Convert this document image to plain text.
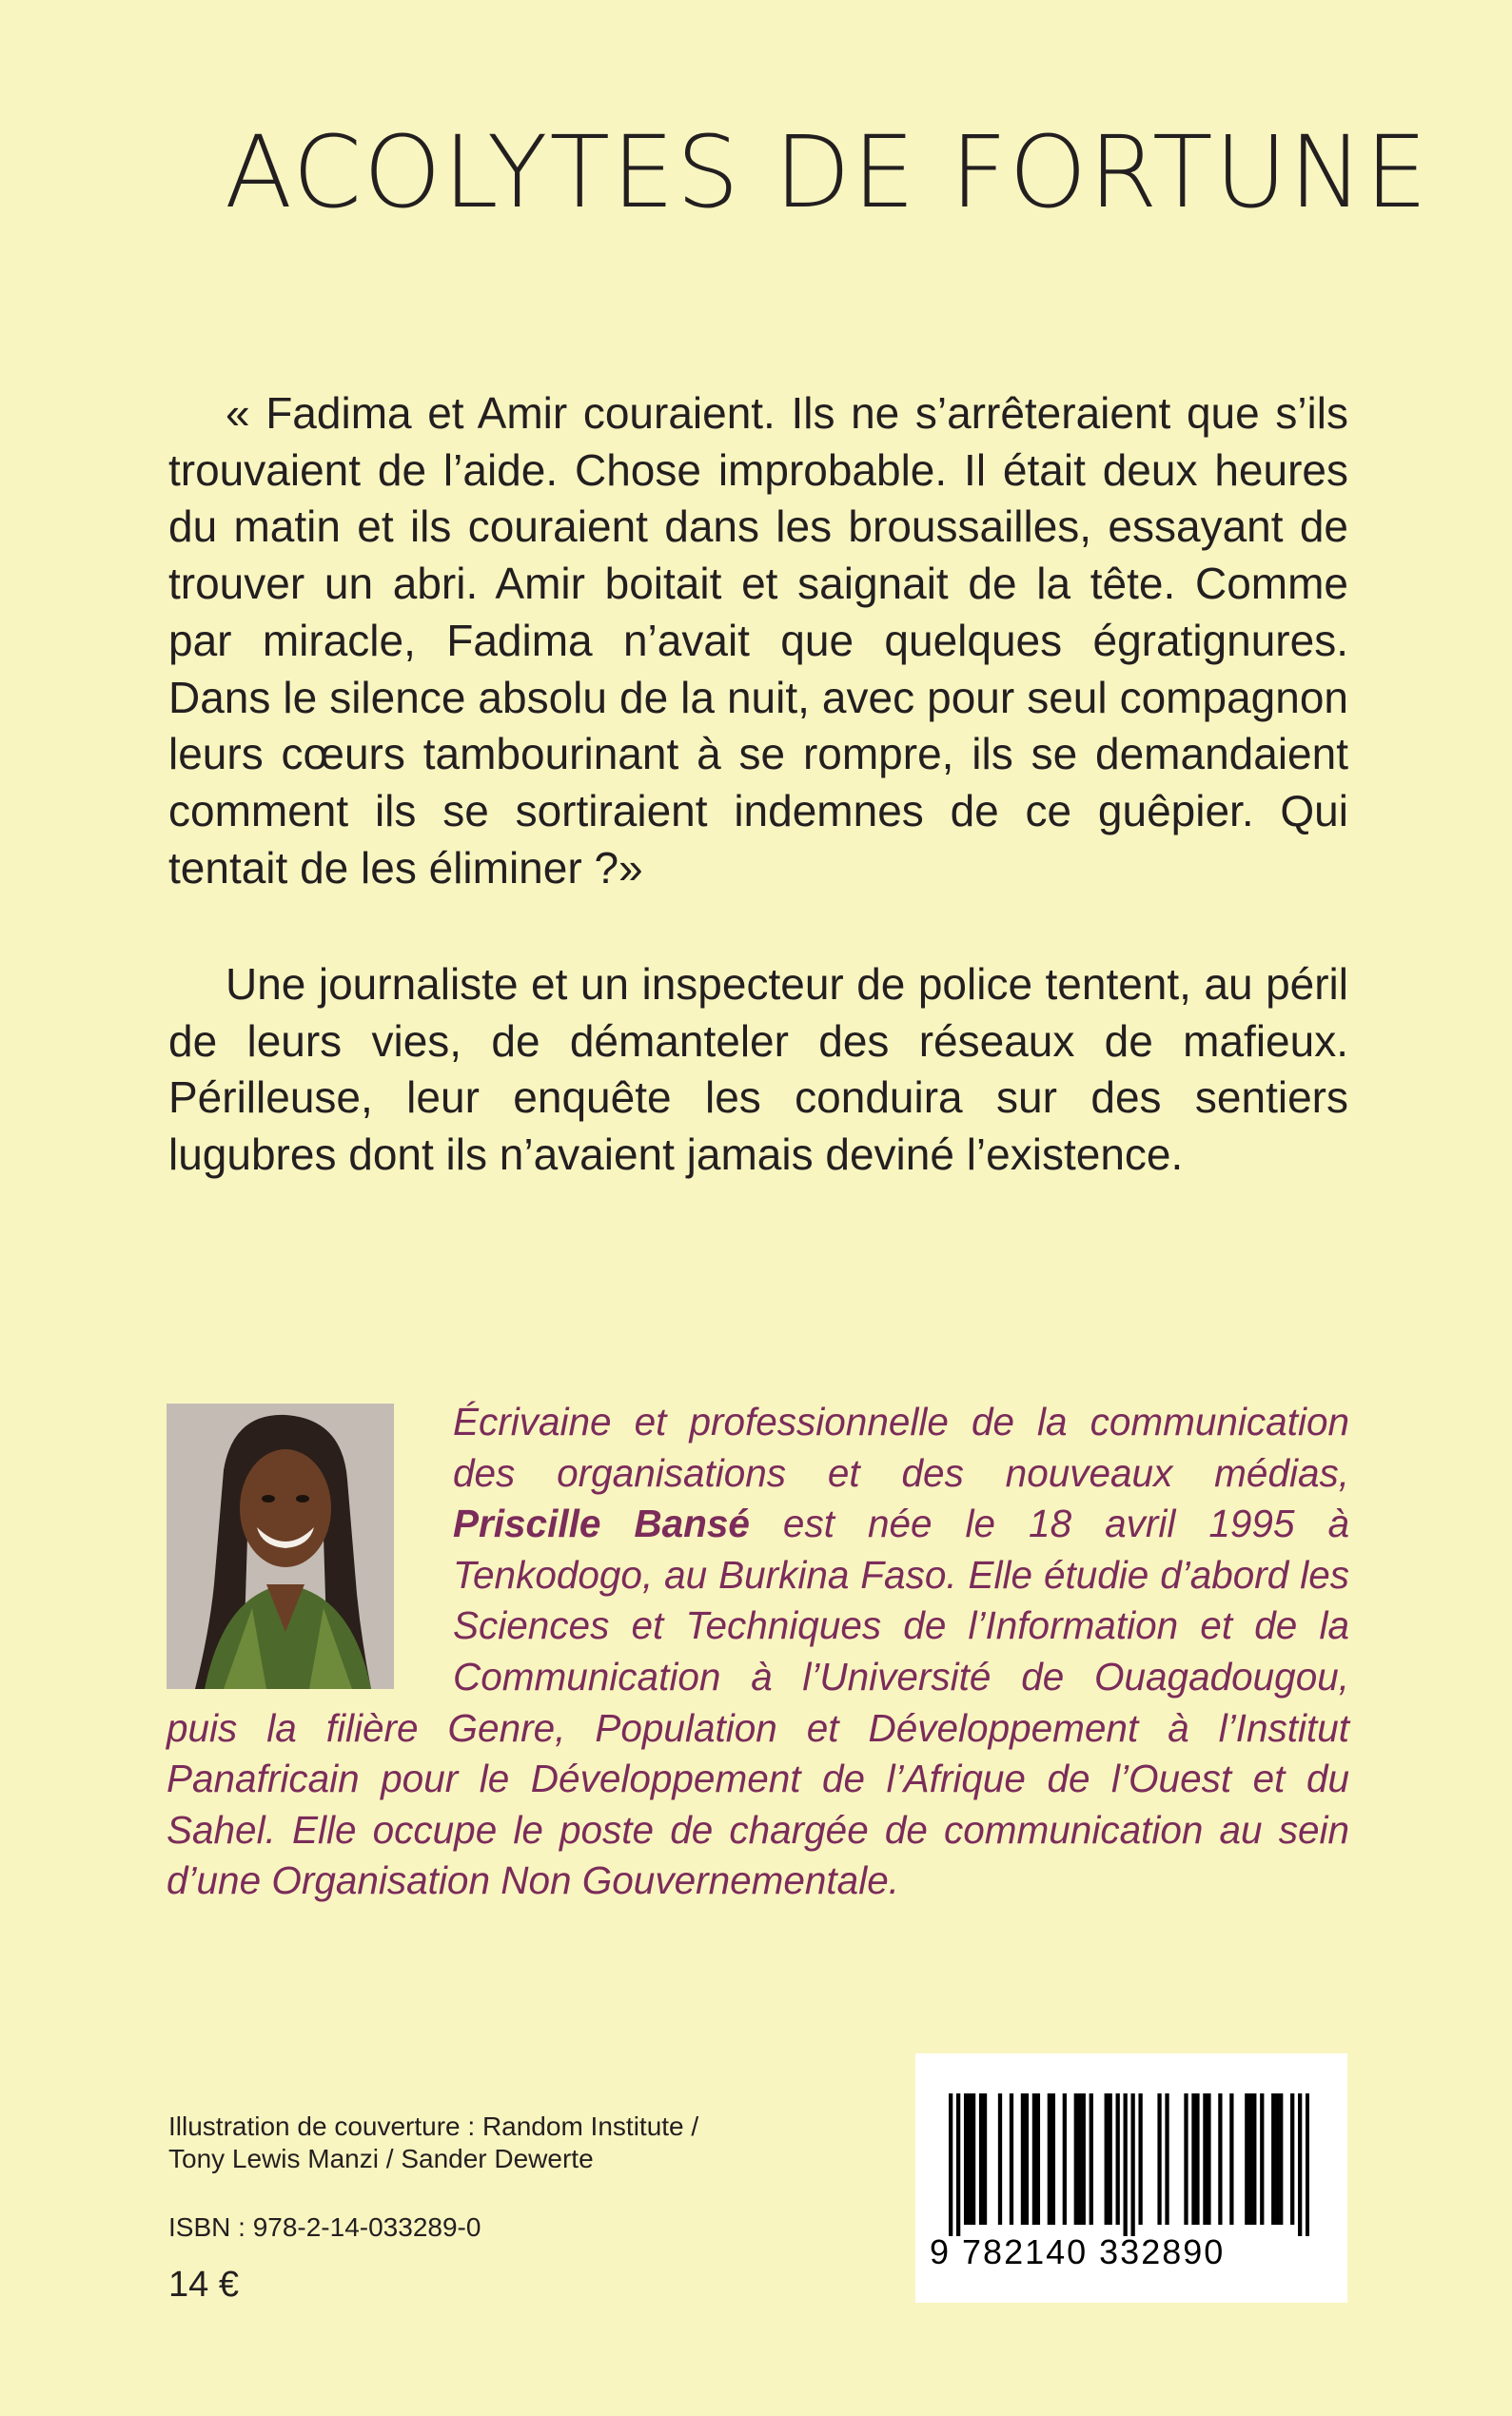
ACOLYTES DE FORTUNE

« Fadima et Amir couraient. Ils ne s’arrêteraient que s’ils trouvaient de l’aide. Chose improbable. Il était deux heures du matin et ils couraient dans les broussailles, essayant de trouver un abri. Amir boitait et saignait de la tête. Comme par miracle, Fadima n’avait que quelques égratignures. Dans le silence absolu de la nuit, avec pour seul compagnon leurs cœurs tambourinant à se rompre, ils se demandaient comment ils se sortiraient indemnes de ce guêpier. Qui tentait de les éliminer ?»

Une journaliste et un inspecteur de police tentent, au péril de leurs vies, de démanteler des réseaux de mafieux. Périlleuse, leur enquête les conduira sur des sentiers lugubres dont ils n’avaient jamais deviné l’existence.

Écrivaine et professionnelle de la communication des organisations et des nouveaux médias, Priscille Bansé est née le 18 avril 1995 à Tenkodogo, au Burkina Faso. Elle étudie d’abord les Sciences et Techniques de l’Information et de la Communication à l’Université de Ouagadougou, puis la filière Genre, Population et Développement à l’Institut Panafricain pour le Développement de l’Afrique de l’Ouest et du Sahel. Elle occupe le poste de chargée de communication au sein d’une Organisation Non Gouvernementale.
Illustration de couverture : Random Institute /
Tony Lewis Manzi / Sander Dewerte
ISBN : 978-2-14-033289-0
14 €
9 782140 332890
